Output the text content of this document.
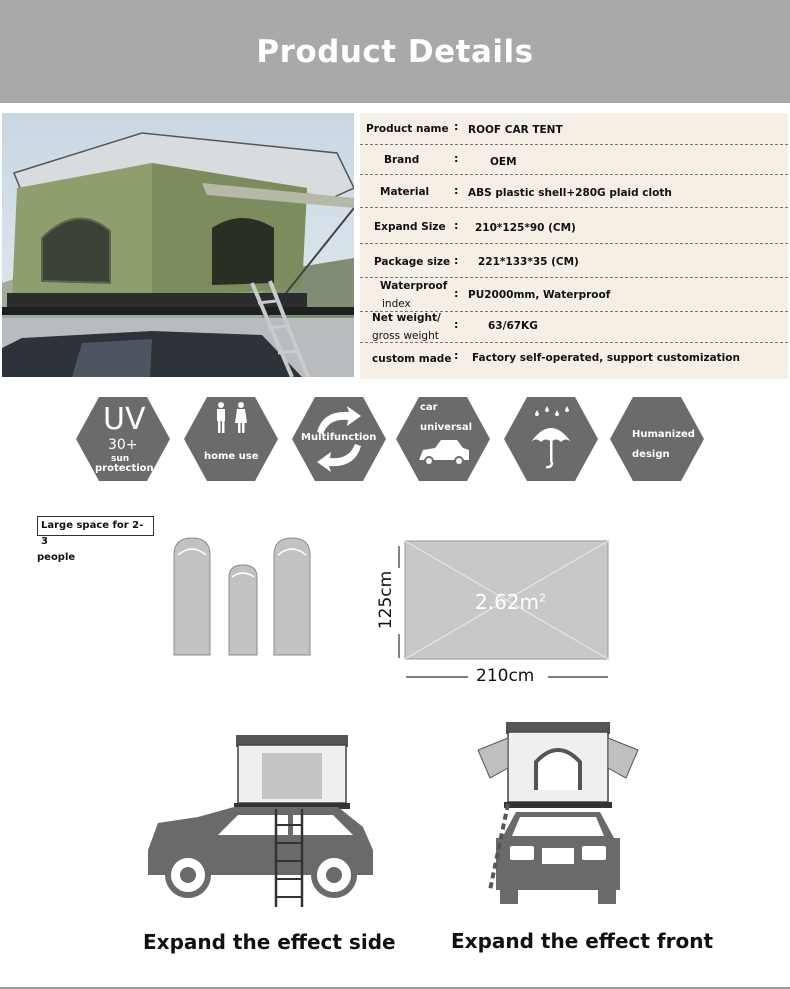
Product Details
Product name : ROOF CAR TENT
Brand	:	OEM
Material : ABS plastic shell+280G plaid cloth
Expand Size : 210*125*90 (CM)
Package size : 221*133*35 (CM)
Waterproof
index
: PU2000mm, Waterproof
Net weight/
gross weight
:	63/67KG
custom made : Factory self-operated, support customization
UV
30+
sun
protection
home use
Multifunction
car
universal
Humanized
design
Large space for 2-3
people
$2.62m^2$
125cm
210cm
Expand the effect side	Expand the effect front
